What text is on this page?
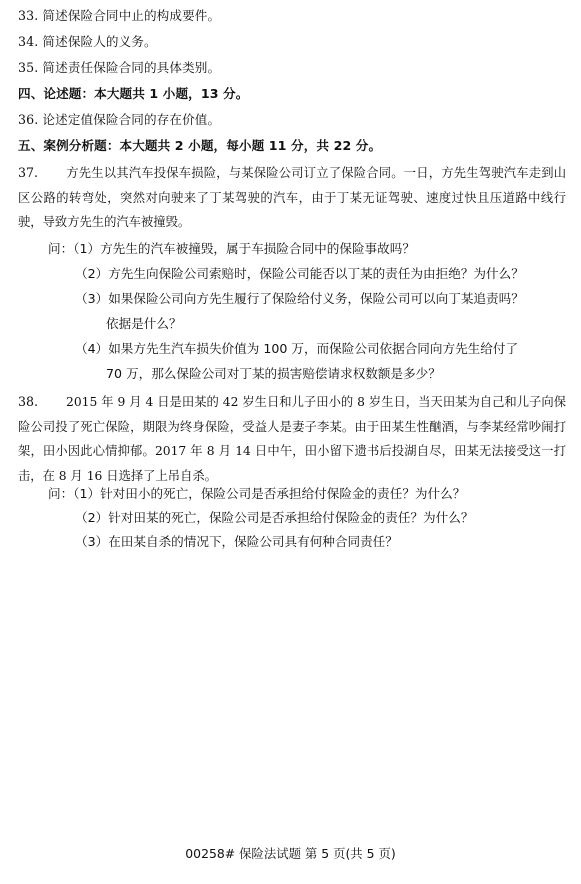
33. 简述保险合同中止的构成要件。
34. 简述保险人的义务。
35. 简述责任保险合同的具体类别。
四、论述题：本大题共 1 小题，13 分。
36. 论述定值保险合同的存在价值。
五、案例分析题：本大题共 2 小题，每小题 11 分，共 22 分。
37.	方先生以其汽车投保车损险，与某保险公司订立了保险合同。一日，方先生驾驶汽车走到山区公路的转弯处，突然对向驶来了丁某驾驶的汽车，由于丁某无证驾驶、速度过快且压道路中线行驶，导致方先生的汽车被撞毁。
问：（1）方先生的汽车被撞毁，属于车损险合同中的保险事故吗？
（2）方先生向保险公司索赔时，保险公司能否以丁某的责任为由拒绝？为什么？
（3）如果保险公司向方先生履行了保险给付义务，保险公司可以向丁某追责吗？
依据是什么？
（4）如果方先生汽车损失价值为 100 万，而保险公司依据合同向方先生给付了
70 万，那么保险公司对丁某的损害赔偿请求权数额是多少？
38.	2015 年 9 月 4 日是田某的 42 岁生日和儿子田小的 8 岁生日，当天田某为自己和儿子向保险公司投了死亡保险，期限为终身保险，受益人是妻子李某。由于田某生性酗酒，与李某经常吵闹打架，田小因此心情抑郁。2017 年 8 月 14 日中午，田小留下遗书后投湖自尽，田某无法接受这一打击，在 8 月 16 日选择了上吊自杀。
问：（1）针对田小的死亡，保险公司是否承担给付保险金的责任？为什么？
（2）针对田某的死亡，保险公司是否承担给付保险金的责任？为什么？
（3）在田某自杀的情况下，保险公司具有何种合同责任？
00258# 保险法试题 第 5 页(共 5 页)
